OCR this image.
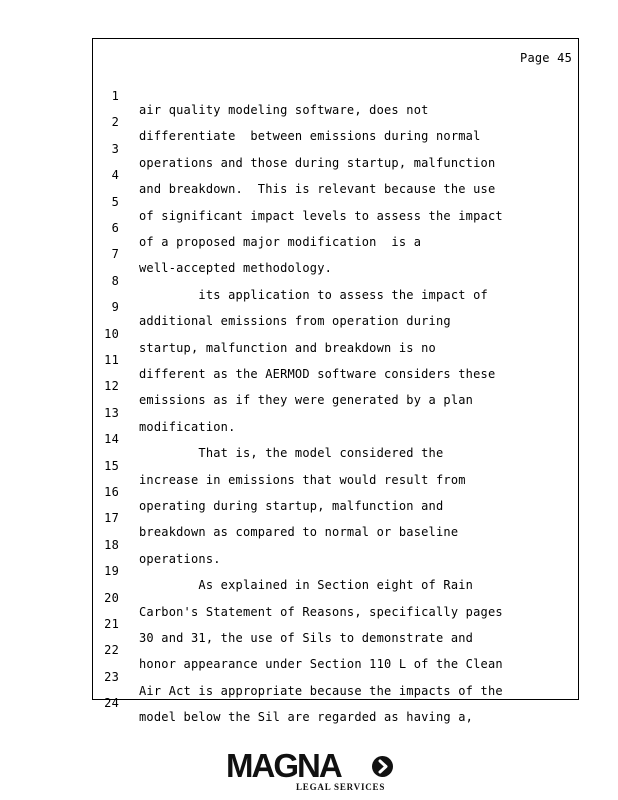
Page 45

1

air quality modeling software, does not

2

differentiate  between emissions during normal

3

operations and those during startup, malfunction

4

and breakdown.  This is relevant because the use

5

of significant impact levels to assess the impact

6

of a proposed major modification  is a

7

well-accepted methodology.

8

its application to assess the impact of

9

additional emissions from operation during

10

startup, malfunction and breakdown is no

11

different as the AERMOD software considers these

12

emissions as if they were generated by a plan

13

modification.

14

That is, the model considered the

15

increase in emissions that would result from

16

operating during startup, malfunction and

17

breakdown as compared to normal or baseline

18

operations.

19

As explained in Section eight of Rain

20

Carbon's Statement of Reasons, specifically pages

21

30 and 31, the use of Sils to demonstrate and

22

honor appearance under Section 110 L of the Clean

23

Air Act is appropriate because the impacts of the

24

model below the Sil are regarded as having a,

MAGNA
LEGAL SERVICES
